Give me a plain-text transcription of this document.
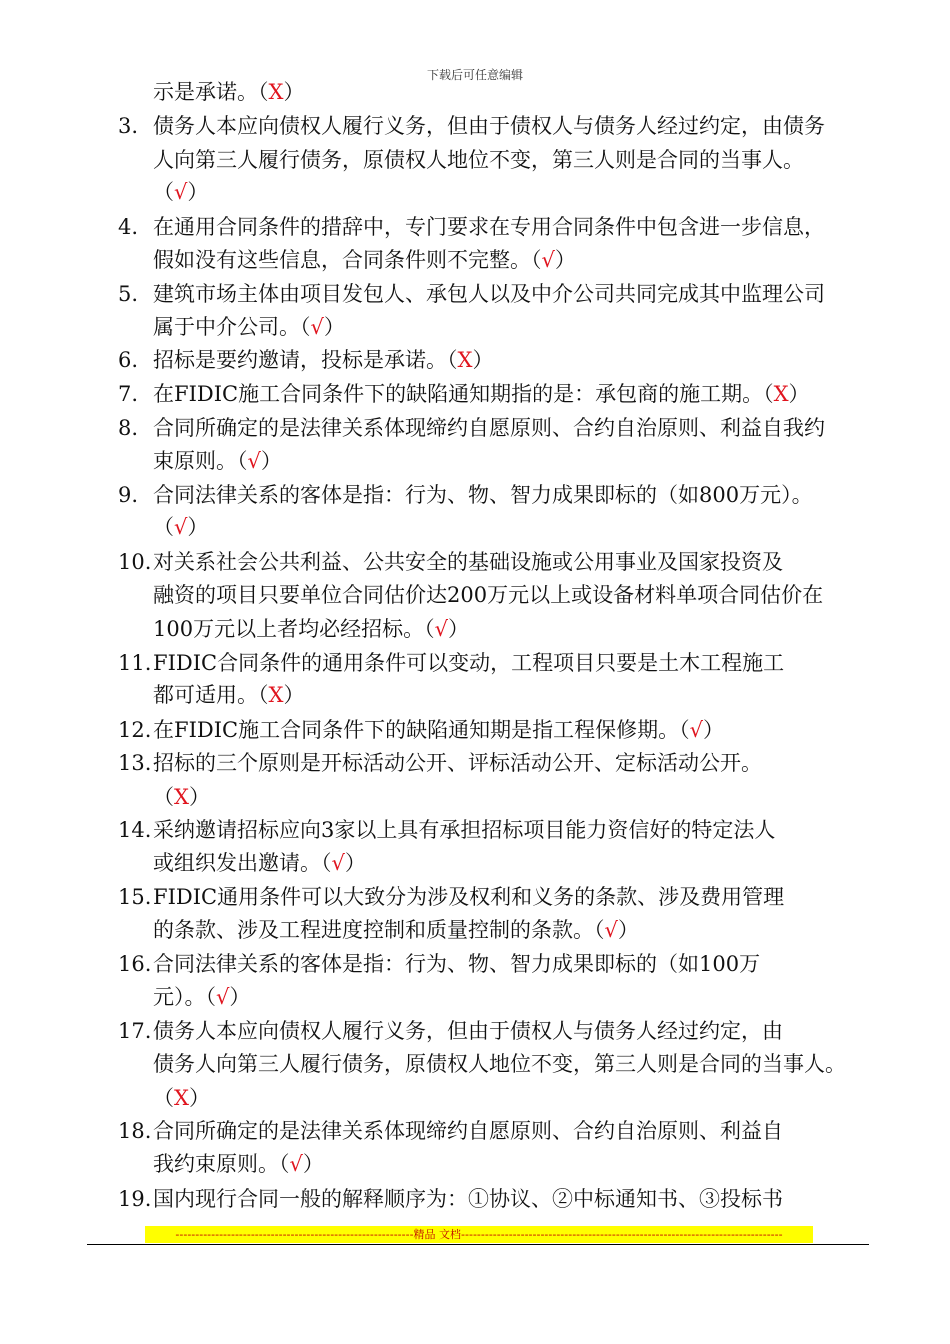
下载后可任意编辑
示是承诺。（X）
3. 债务人本应向债权人履行义务，但由于债权人与债务人经过约定，由债务
人向第三人履行债务，原债权人地位不变，第三人则是合同的当事人。
（√）
4. 在通用合同条件的措辞中，专门要求在专用合同条件中包含进一步信息，
假如没有这些信息，合同条件则不完整。（√）
5. 建筑市场主体由项目发包人、承包人以及中介公司共同完成其中监理公司
属于中介公司。（√）
6. 招标是要约邀请，投标是承诺。（X）
7. 在FIDIC施工合同条件下的缺陷通知期指的是：承包商的施工期。（X）
8. 合同所确定的是法律关系体现缔约自愿原则、合约自治原则、利益自我约
束原则。（√）
9. 合同法律关系的客体是指：行为、物、智力成果即标的（如800万元）。
（√）
10. 对关系社会公共利益、公共安全的基础设施或公用事业及国家投资及
融资的项目只要单位合同估价达200万元以上或设备材料单项合同估价在
100万元以上者均必经招标。（√）
11. FIDIC合同条件的通用条件可以变动，工程项目只要是土木工程施工
都可适用。（X）
12. 在FIDIC施工合同条件下的缺陷通知期是指工程保修期。（√）
13. 招标的三个原则是开标活动公开、评标活动公开、定标活动公开。
（X）
14. 采纳邀请招标应向3家以上具有承担招标项目能力资信好的特定法人
或组织发出邀请。（√）
15. FIDIC通用条件可以大致分为涉及权利和义务的条款、涉及费用管理
的条款、涉及工程进度控制和质量控制的条款。（√）
16. 合同法律关系的客体是指：行为、物、智力成果即标的（如100万
元）。（√）
17. 债务人本应向债权人履行义务，但由于债权人与债务人经过约定，由
债务人向第三人履行债务，原债权人地位不变，第三人则是合同的当事人。
（X）
18. 合同所确定的是法律关系体现缔约自愿原则、合约自治原则、利益自
我约束原则。（√）
19. 国内现行合同一般的解释顺序为：①协议、②中标通知书、③投标书
------------------------------------------------------------精品 文档---------------------------------------------------------------------------------
